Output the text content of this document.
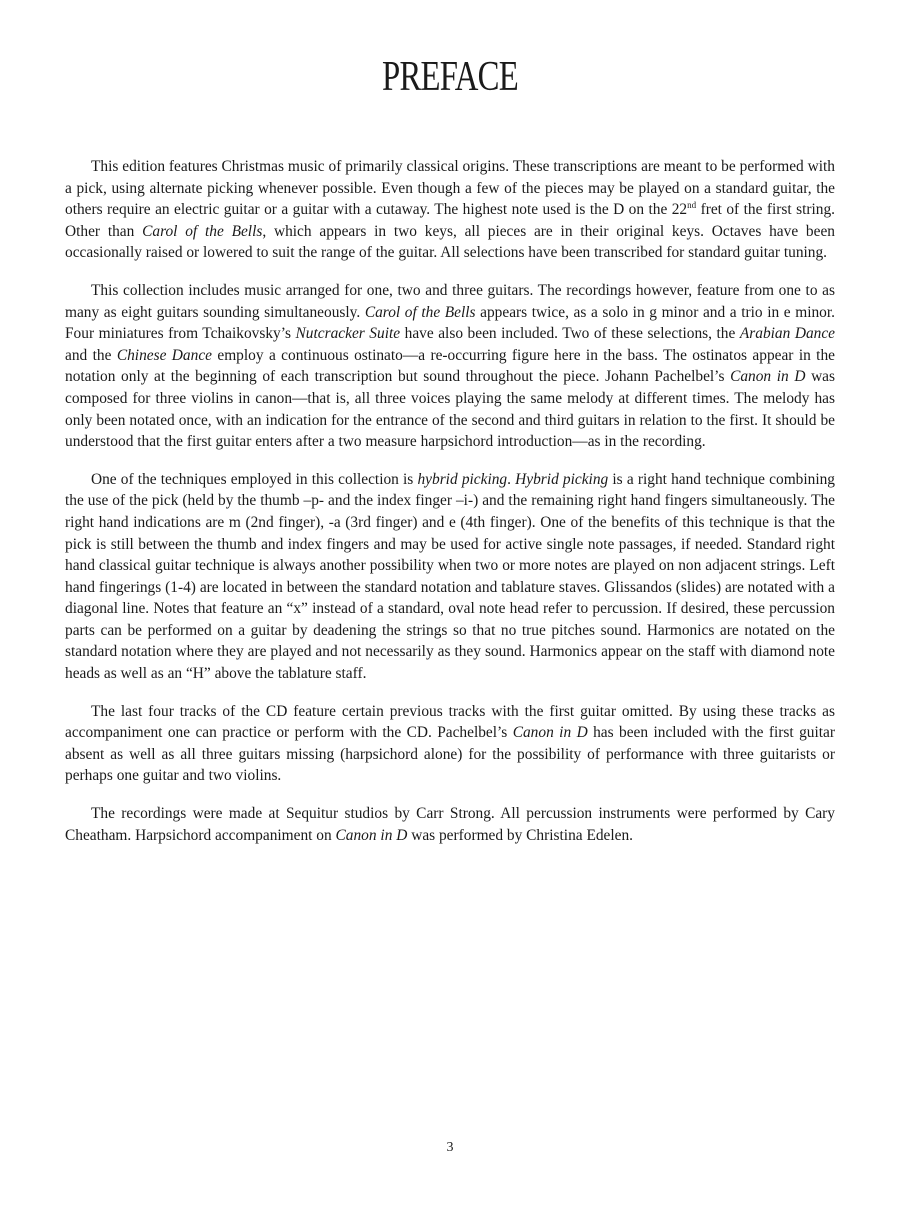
PREFACE

This edition features Christmas music of primarily classical origins. These transcriptions are meant to be performed with a pick, using alternate picking whenever possible. Even though a few of the pieces may be played on a standard guitar, the others require an electric guitar or a guitar with a cutaway. The highest note used is the D on the 22nd fret of the first string. Other than Carol of the Bells, which appears in two keys, all pieces are in their original keys. Octaves have been occasionally raised or lowered to suit the range of the guitar. All selections have been transcribed for standard guitar tuning.

This collection includes music arranged for one, two and three guitars. The recordings however, feature from one to as many as eight guitars sounding simultaneously. Carol of the Bells appears twice, as a solo in g minor and a trio in e minor. Four miniatures from Tchaikovsky’s Nutcracker Suite have also been included. Two of these selections, the Arabian Dance and the Chinese Dance employ a continuous ostinato—a re-occurring figure here in the bass. The ostinatos appear in the notation only at the beginning of each transcription but sound throughout the piece. Johann Pachelbel’s Canon in D was composed for three violins in canon—that is, all three voices playing the same melody at different times. The melody has only been notated once, with an indication for the entrance of the second and third guitars in relation to the first. It should be understood that the first guitar enters after a two measure harpsichord introduction—as in the recording.

One of the techniques employed in this collection is hybrid picking. Hybrid picking is a right hand technique combining the use of the pick (held by the thumb –p- and the index finger –i-) and the remaining right hand fingers simultaneously. The right hand indications are m (2nd finger), -a (3rd finger) and e (4th finger). One of the benefits of this technique is that the pick is still between the thumb and index fingers and may be used for active single note passages, if needed. Standard right hand classical guitar technique is always another possibility when two or more notes are played on non adjacent strings. Left hand fingerings (1-4) are located in between the standard notation and tablature staves. Glissandos (slides) are notated with a diagonal line. Notes that feature an “x” instead of a standard, oval note head refer to percussion. If desired, these percussion parts can be performed on a guitar by deadening the strings so that no true pitches sound. Harmonics are notated on the standard notation where they are played and not necessarily as they sound. Harmonics appear on the staff with diamond note heads as well as an “H” above the tablature staff.

The last four tracks of the CD feature certain previous tracks with the first guitar omitted. By using these tracks as accompaniment one can practice or perform with the CD. Pachelbel’s Canon in D has been included with the first guitar absent as well as all three guitars missing (harpsichord alone) for the possibility of performance with three guitarists or perhaps one guitar and two violins.

The recordings were made at Sequitur studios by Carr Strong. All percussion instruments were performed by Cary Cheatham. Harpsichord accompaniment on Canon in D was performed by Christina Edelen.

3
